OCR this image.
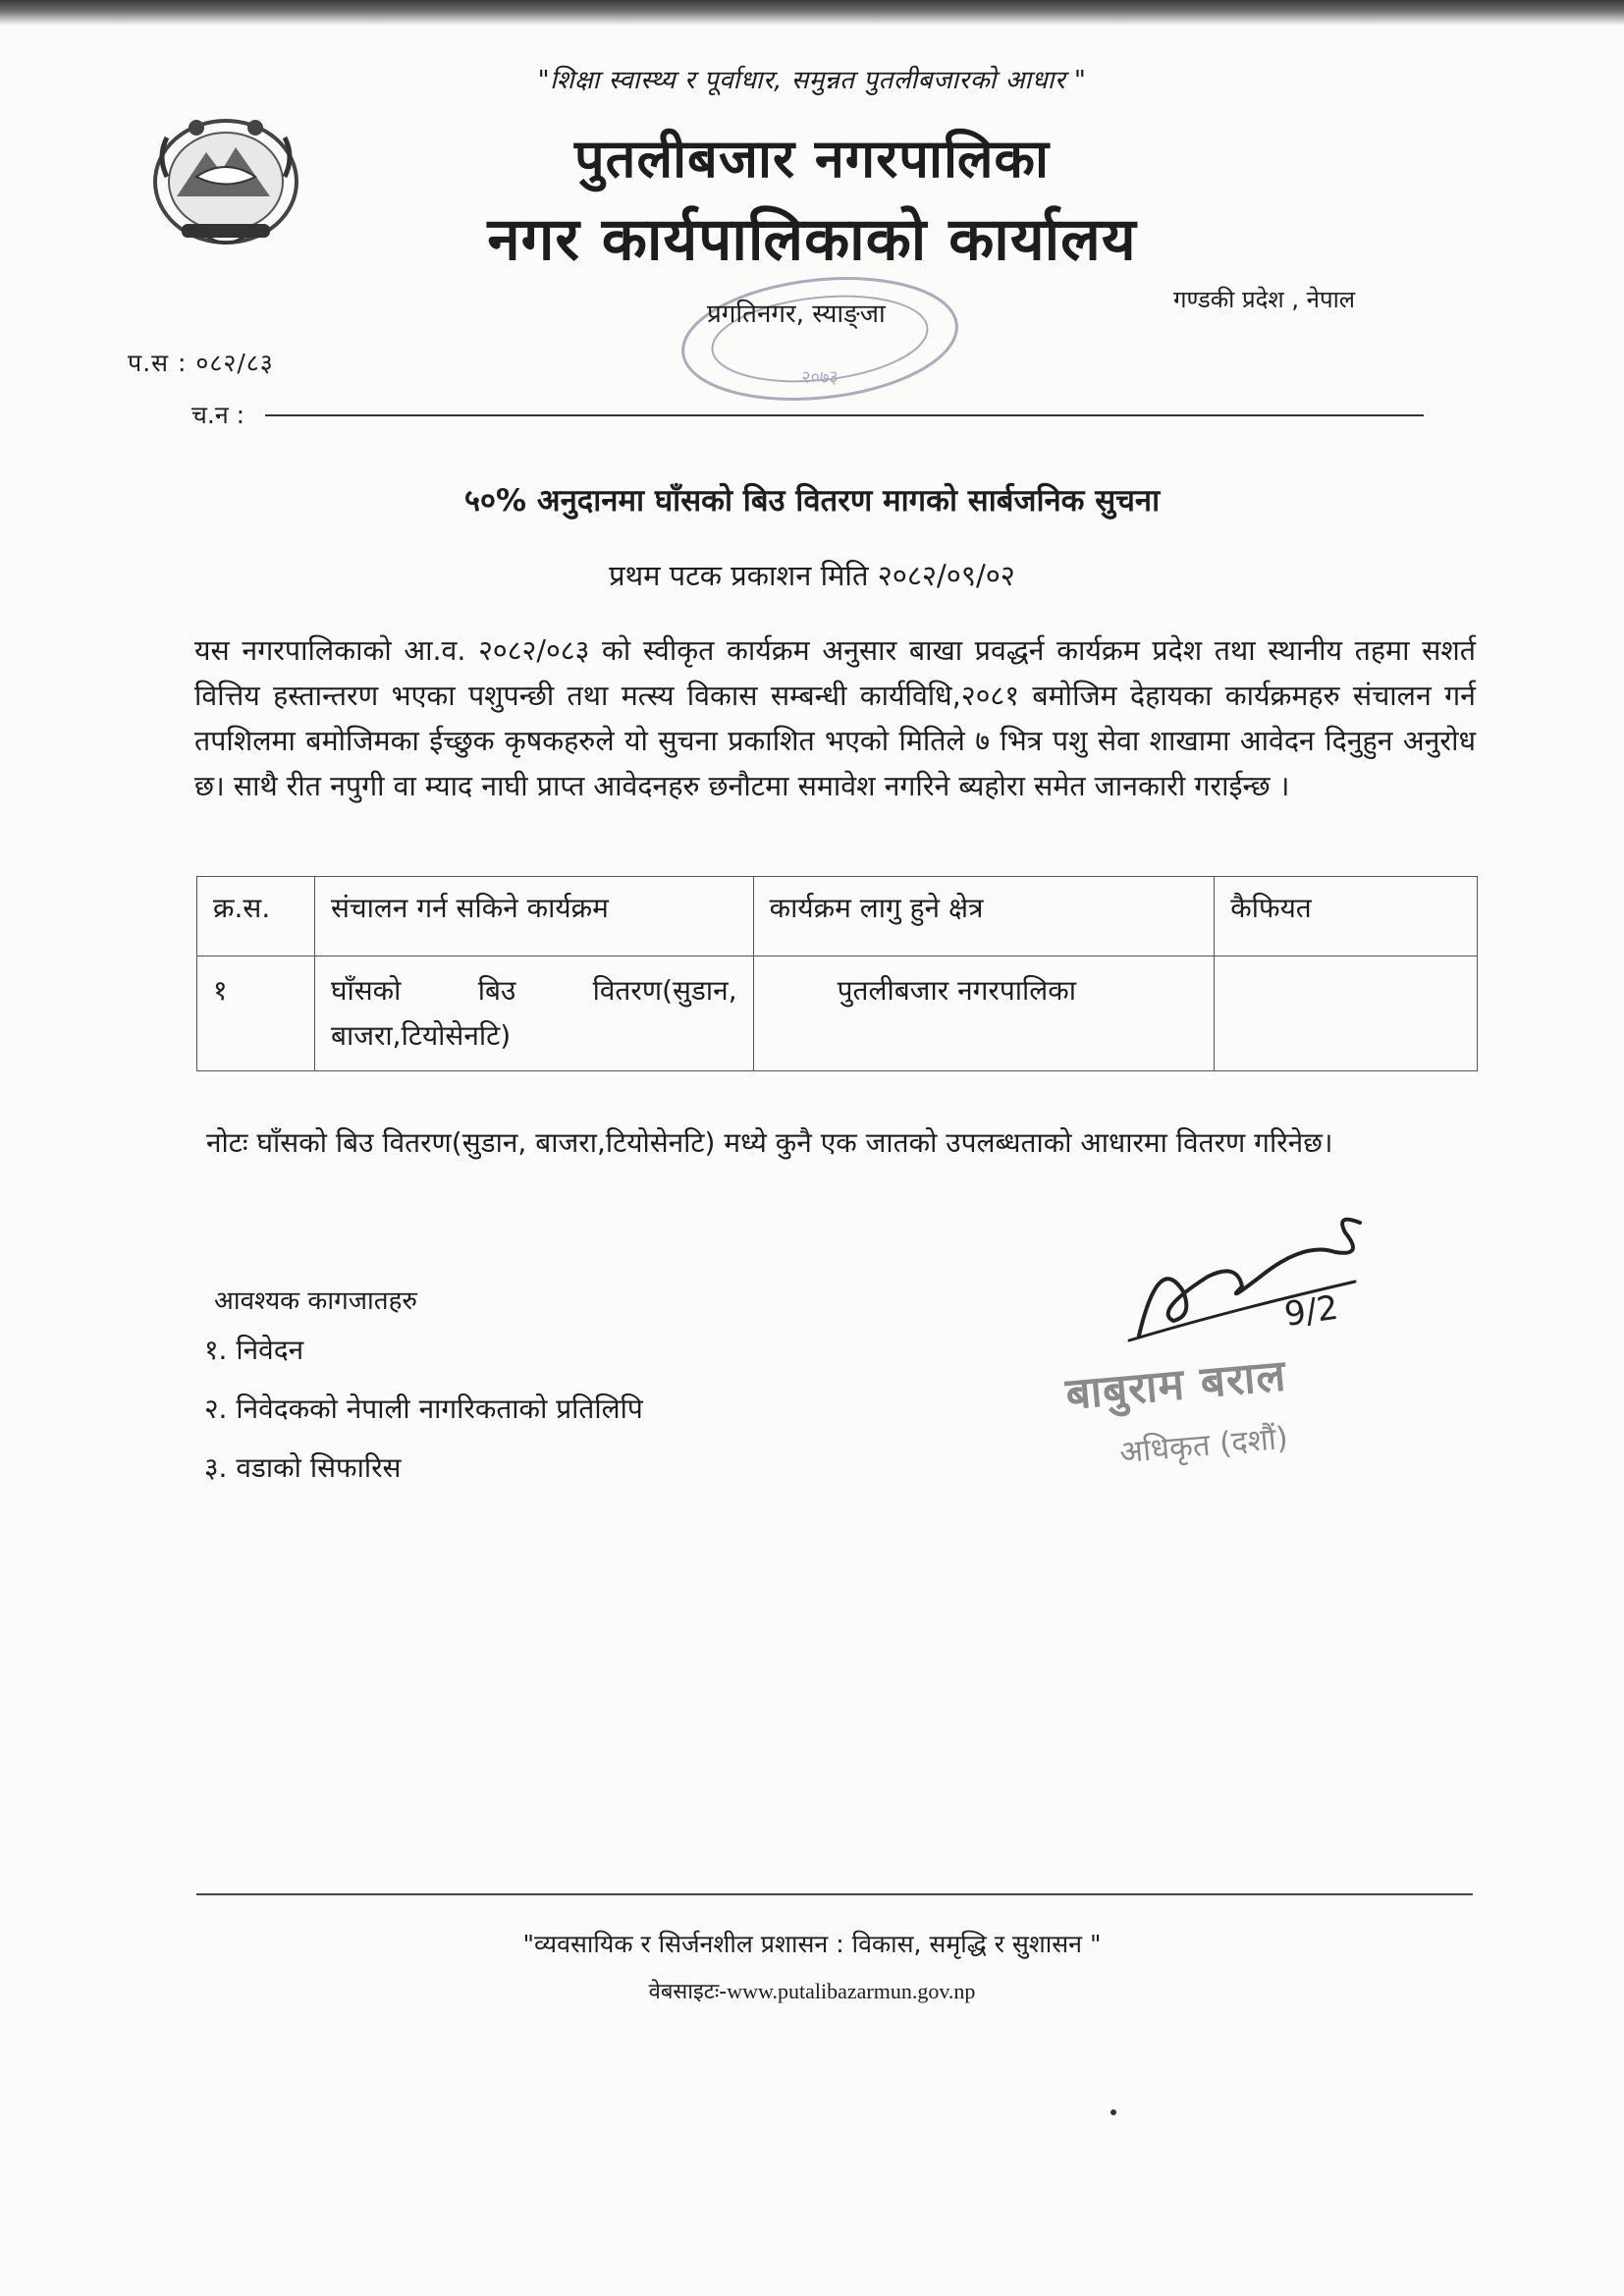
"शिक्षा स्वास्थ्य र पूर्वाधार, समुन्नत पुतलीबजारको आधार "
पुतलीबजार नगरपालिका
नगर कार्यपालिकाको कार्यालय
२०७३
प्रगतिनगर, स्याङ्जा	गण्डकी प्रदेश , नेपाल
प.स : ०८२/८३
च.न :
५०% अनुदानमा घाँसको बिउ वितरण मागको सार्बजनिक सुचना
प्रथम पटक प्रकाशन मिति २०८२/०९/०२
यस नगरपालिकाको आ.व. २०८२/०८३ को स्वीकृत कार्यक्रम अनुसार बाखा प्रवद्धर्न कार्यक्रम प्रदेश तथा स्थानीय तहमा सशर्त वित्तिय हस्तान्तरण भएका पशुपन्छी तथा मत्स्य विकास सम्बन्धी कार्यविधि,२०८१ बमोजिम देहायका कार्यक्रमहरु संचालन गर्न तपशिलमा बमोजिमका ईच्छुक कृषकहरुले यो सुचना प्रकाशित भएको मितिले ७ भित्र पशु सेवा शाखामा आवेदन दिनुहुन अनुरोध छ। साथै रीत नपुगी वा म्याद नाघी प्राप्त आवेदनहरु छनौटमा समावेश नगरिने ब्यहोरा समेत जानकारी गराईन्छ ।
क्र.स.	संचालन गर्न सकिने कार्यक्रम	कार्यक्रम लागु हुने क्षेत्र	कैफियत
१	घाँसको बिउ वितरण(सुडान, बाजरा,टियोसेनटि)	पुतलीबजार नगरपालिका	
नोटः घाँसको बिउ वितरण(सुडान, बाजरा,टियोसेनटि) मध्ये कुनै एक जातको उपलब्धताको आधारमा वितरण गरिनेछ।
आवश्यक कागजातहरु
१. निवेदन
२. निवेदकको नेपाली नागरिकताको प्रतिलिपि
३. वडाको सिफारिस
9/2
बाबुराम बराल
अधिकृत (दशौं)
"व्यवसायिक र सिर्जनशील प्रशासन : विकास, समृद्धि र सुशासन "
वेबसाइटः-www.putalibazarmun.gov.np
